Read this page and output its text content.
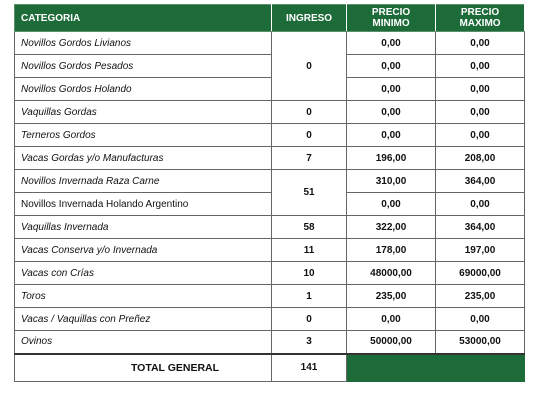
CATEGORIA	INGRESO	PRECIO MINIMO	PRECIO MAXIMO
Novillos Gordos Livianos	0	0,00	0,00
Novillos Gordos Pesados		0,00	0,00
Novillos Gordos Holando		0,00	0,00
Vaquillas Gordas	0	0,00	0,00
Terneros Gordos	0	0,00	0,00
Vacas Gordas y/o Manufacturas	7	196,00	208,00
Novillos Invernada Raza Carne	51	310,00	364,00
Novillos Invernada Holando Argentino		0,00	0,00
Vaquillas Invernada	58	322,00	364,00
Vacas Conserva y/o Invernada	11	178,00	197,00
Vacas con Crías	10	48000,00	69000,00
Toros	1	235,00	235,00
Vacas / Vaquillas con Preñez	0	0,00	0,00
Ovinos	3	50000,00	53000,00
TOTAL GENERAL	141		
